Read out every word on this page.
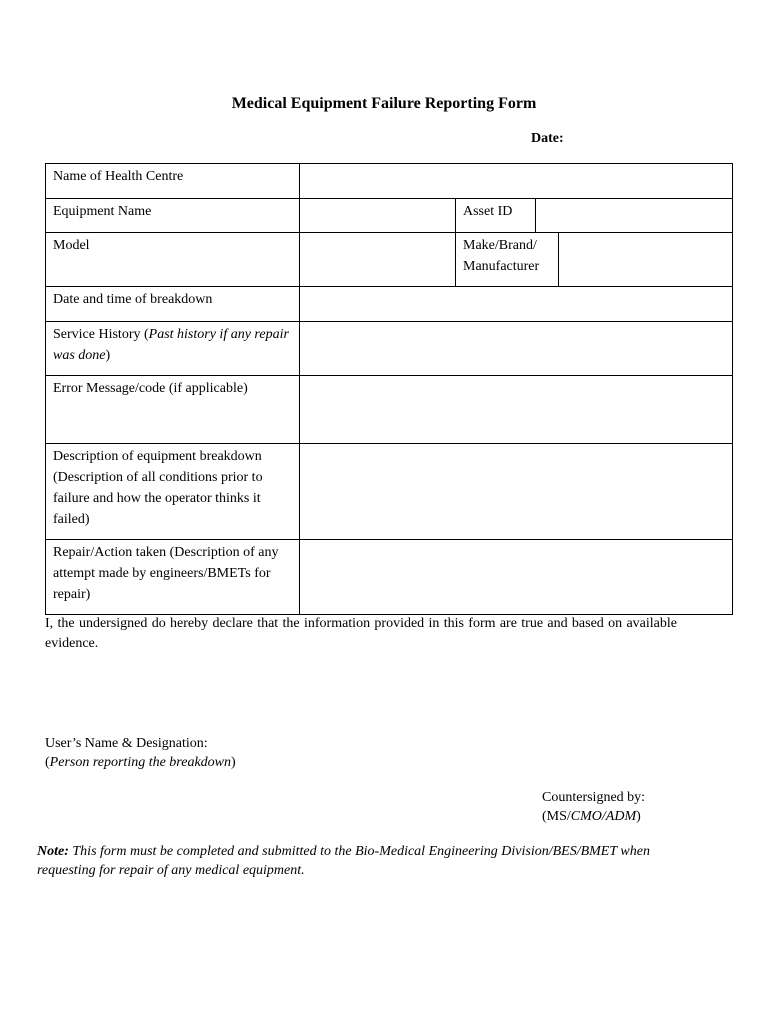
Medical Equipment Failure Reporting Form
Date:
Name of Health Centre				
Equipment Name		Asset ID		
Model		Make/Brand/
Manufacturer		
Date and time of breakdown				
Service History (Past history if any repair was done)				
Error Message/code (if applicable)				
Description of equipment breakdown (Description of all conditions prior to failure and how the operator thinks it failed)				
Repair/Action taken (Description of any attempt made by engineers/BMETs for repair)				
I, the undersigned do hereby declare that the information provided in this form are true and based on available evidence.
User’s Name & Designation:
(Person reporting the breakdown)
Countersigned by:
(MS/CMO/ADM)
Note: This form must be completed and submitted to the Bio-Medical Engineering Division/BES/BMET when requesting for repair of any medical equipment.
